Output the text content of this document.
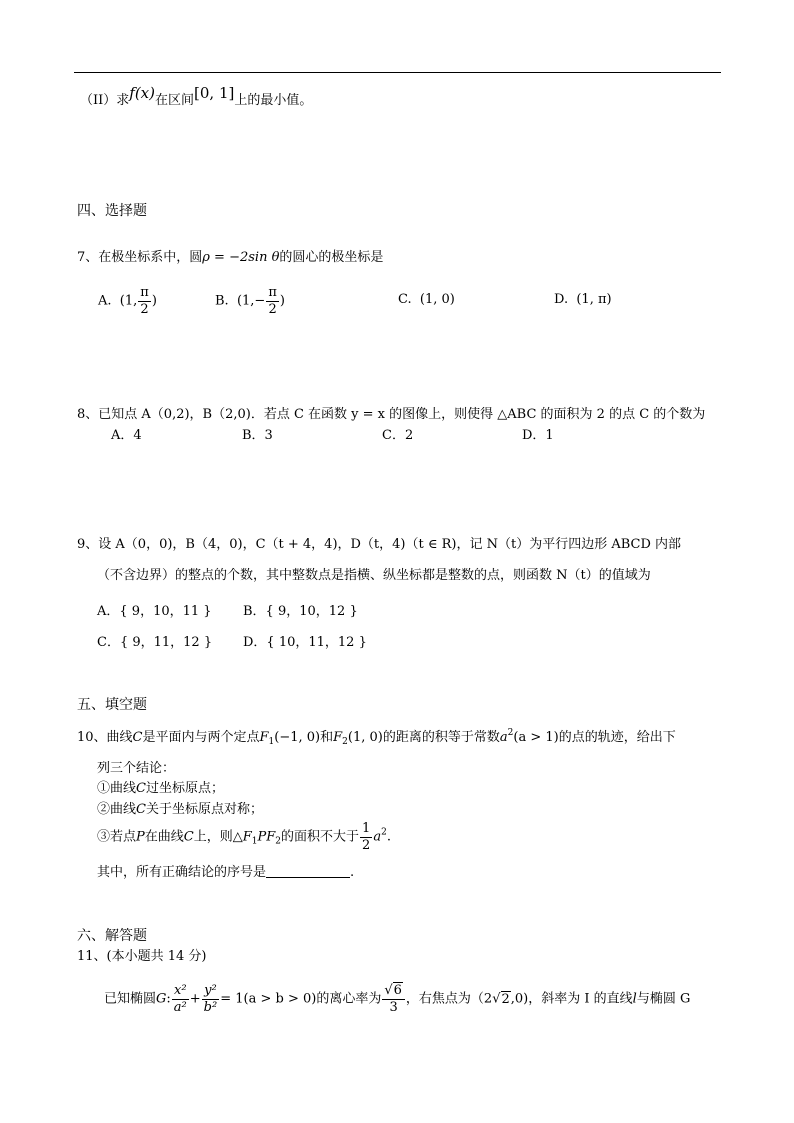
（II）求f(x)在区间[0, 1]上的最小值。
四、选择题
7、在极坐标系中，圆ρ = −2sin θ的圆心的极坐标是
A. (1, $\frac{\pi}{2}$ )	B. ($1,- \frac{\pi}{2}$ )	C. (1, 0)	D. (1, π)
8、已知点 A（0,2)，B（2,0)．若点 C 在函数 y = x 的图像上，则使得 △ABC 的面积为 2 的点 C 的个数为
A．4	B．3	C．2	D．1
9、设 A（0，0)，B（4，0)，C（t + 4，4)，D（t，4)（t ∈ R)，记 N（t）为平行四边形 ABCD 内部
（不含边界）的整点的个数，其中整数点是指横、纵坐标都是整数的点，则函数 N（t）的值域为
A．{ 9，10，11 } B．{ 9，10，12 }
C．{ 9，11，12 } D．{ 10，11，12 }
五、填空题
10、曲线C是平面内与两个定点$F_1(-1$, 0)和$F_2(1$, 0)的距离的积等于常数$a^2(a > 1)$的点的轨迹，给出下
列三个结论：
①曲线C过坐标原点；
②曲线C关于坐标原点对称；
③若点P在曲线C上，则$\triangle F_1PF_2$的面积不大于 $\frac{1}{2} a^2$.
其中，所有正确结论的序号是	.
六、解答题
11、(本小题共 14 分)
已知椭圆G: $\frac{\text{x²}}{\text{a²}} + \frac{\text{y²}}{\text{b²}} = 1(a > b > 0)$的离心率为 $\frac{√6}{3}$ ，右焦点为（2√2,0)，斜率为 I 的直线l与椭圆 G
